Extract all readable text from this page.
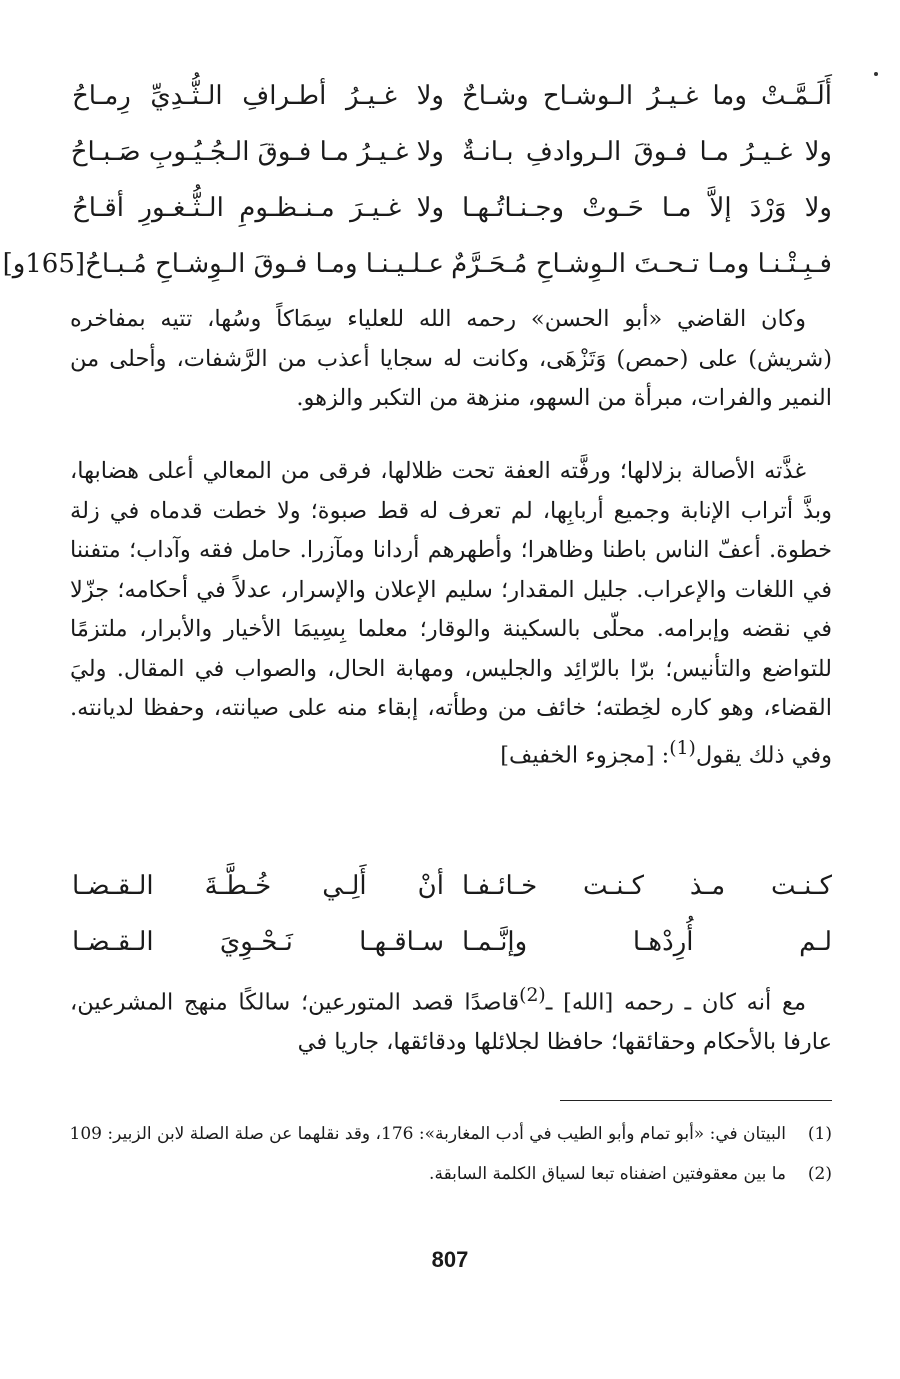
أَلَـمَّـتْ وما غـيـرُ الـوشـاح وشـاحٌ
ولا غـيـرُ أطـرافِ الـثُّـدِيِّ رِمـاحُ
ولا غـيـرُ مـا فـوقَ الـروادفِ بـانـةٌ
ولا غـيـرُ مـا فـوقَ الـجُـيُـوبِ صَـبـاحُ
ولا وَرْدَ إلاَّ مـا حَـوتْ وجـنـاتُـهـا
ولا غـيـرَ مـنـظـومِ الـثُّـغـورِ أقـاحُ
فـبِـتْـنـا ومـا تـحـتَ الـوِشـاحِ مُـحَـرَّمٌ
عـلـيـنـا ومـا فـوقَ الـوِشـاحِ مُـبـاحُ[165و]

وكان القاضي «أبو الحسن» رحمه الله للعلياء سِمَاكاً وسُها، تتيه بمفاخره (شريش) على (حمص) وَتَزْهَى، وكانت له سجايا أعذب من الرَّشفات، وأحلى من النمير والفرات، مبرأة من السهو، منزهة من التكبر والزهو.

غذَّته الأصالة بزلالها؛ ورفَّته العفة تحت ظلالها، فرقى من المعالي أعلى هضابها، وبذَّ أتراب الإنابة وجميع أربابِها، لم تعرف له قط صبوة؛ ولا خطت قدماه في زلة خطوة. أعفّ الناس باطنا وظاهرا؛ وأطهرهم أردانا ومآزرا. حامل فقه وآداب؛ متفننا في اللغات والإعراب. جليل المقدار؛ سليم الإعلان والإسرار، عدلاً في أحكامه؛ جزّلا في نقضه وإبرامه. محلّى بالسكينة والوقار؛ معلما بِسِيمَا الأخيار والأبرار، ملتزمًا للتواضع والتأنيس؛ برّا بالرّائِد والجليس، ومهابة الحال، والصواب في المقال. وليَ القضاء، وهو كاره لخِطته؛ خائف من وطأته، إبقاء منه على صيانته، وحفظا لديانته. وفي ذلك يقول$^{(1)}$: [مجزوء الخفيف]

كـنـت مـذ كـنـت خـائـفـا
أنْ أَلِـي خُـطَّـةَ الـقـضـا
لـم أُرِدْهـا وإنَّـمـا
سـاقـهـا نَـحْـوِيَ الـقـضـا

مع أنه كان ـ رحمه [الله] ـ$^{(2)}$قاصدًا قصد المتورعين؛ سالكًا منهج المشرعين، عارفا بالأحكام وحقائقها؛ حافظا لجلائلها ودقائقها، جاريا في

(1)
البيتان في: «أبو تمام وأبو الطيب في أدب المغاربة»: 176، وقد نقلهما عن صلة الصلة لابن الزبير: 109
(2)
ما بين معقوفتين اضفناه تبعا لسياق الكلمة السابقة.
807
